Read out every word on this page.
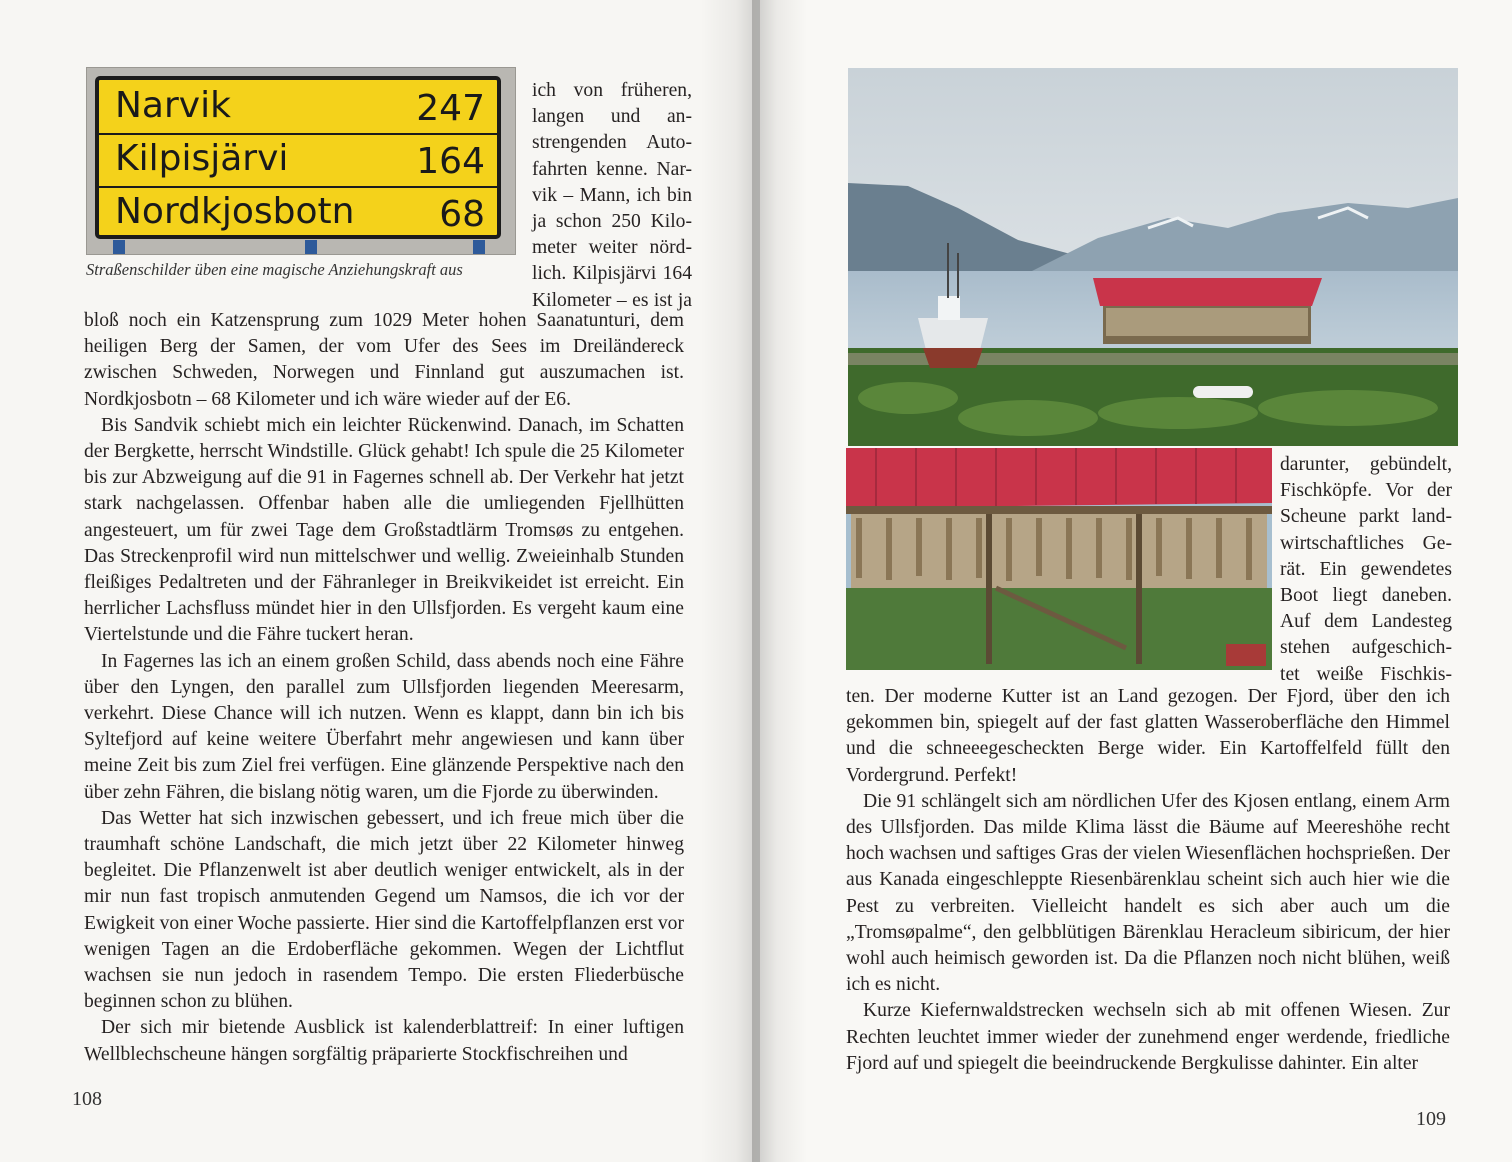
Narvik	247
Kilpisjärvi	164
Nordkjosbotn 68
Straßenschilder üben eine magische Anziehungskraft aus
ich von früheren,
langen und an-
strengenden Auto-
fahrten kenne. Nar-
vik – Mann, ich bin
ja schon 250 Kilo-
meter weiter nörd-
lich. Kilpisjärvi 164
Kilometer – es ist ja

bloß noch ein Katzensprung zum 1029 Meter hohen Saanatunturi, dem heiligen Berg der Samen, der vom Ufer des Sees im Dreiländereck zwischen Schweden, Norwegen und Finnland gut auszumachen ist. Nordkjosbotn – 68 Kilometer und ich wäre wieder auf der E6.

Bis Sandvik schiebt mich ein leichter Rückenwind. Danach, im Schatten der Bergkette, herrscht Windstille. Glück gehabt! Ich spule die 25 Kilometer bis zur Abzweigung auf die 91 in Fagernes schnell ab. Der Verkehr hat jetzt stark nachgelassen. Offenbar haben alle die umliegenden Fjellhütten angesteuert, um für zwei Tage dem Großstadtlärm Tromsøs zu entgehen. Das Streckenprofil wird nun mittelschwer und wellig. Zweieinhalb Stunden fleißiges Pedaltreten und der Fähranleger in Breikvikeidet ist erreicht. Ein herrlicher Lachsfluss mündet hier in den Ullsfjorden. Es vergeht kaum eine Viertelstunde und die Fähre tuckert heran.

In Fagernes las ich an einem großen Schild, dass abends noch eine Fähre über den Lyngen, den parallel zum Ullsfjorden liegenden Meeresarm, verkehrt. Diese Chance will ich nutzen. Wenn es klappt, dann bin ich bis Syltefjord auf keine weitere Überfahrt mehr angewiesen und kann über meine Zeit bis zum Ziel frei verfügen. Eine glänzende Perspektive nach den über zehn Fähren, die bislang nötig waren, um die Fjorde zu überwinden.

Das Wetter hat sich inzwischen gebessert, und ich freue mich über die traumhaft schöne Landschaft, die mich jetzt über 22 Kilometer hinweg begleitet. Die Pflanzenwelt ist aber deutlich weniger entwickelt, als in der mir nun fast tropisch anmutenden Gegend um Namsos, die ich vor der Ewigkeit von einer Woche passierte. Hier sind die Kartoffelpflanzen erst vor wenigen Tagen an die Erdoberfläche gekommen. Wegen der Lichtflut wachsen sie nun jedoch in rasendem Tempo. Die ersten Fliederbüsche beginnen schon zu blühen.

Der sich mir bietende Ausblick ist kalenderblattreif: In einer luftigen Wellblechscheune hängen sorgfältig präparierte Stockfischreihen und

108
darunter, gebündelt,
Fischköpfe. Vor der
Scheune parkt land-
wirtschaftliches Ge-
rät. Ein gewendetes
Boot liegt daneben.
Auf dem Landesteg
stehen aufgeschich-
tet weiße Fischkis-

ten. Der moderne Kutter ist an Land gezogen. Der Fjord, über den ich gekommen bin, spiegelt auf der fast glatten Wasseroberfläche den Himmel und die schneeegescheckten Berge wider. Ein Kartoffelfeld füllt den Vordergrund. Perfekt!

Die 91 schlängelt sich am nördlichen Ufer des Kjosen entlang, einem Arm des Ullsfjorden. Das milde Klima lässt die Bäume auf Meereshöhe recht hoch wachsen und saftiges Gras der vielen Wiesenflächen hochsprießen. Der aus Kanada eingeschleppte Riesenbärenklau scheint sich auch hier wie die Pest zu verbreiten. Vielleicht handelt es sich aber auch um die „Tromsøpalme“, den gelbblütigen Bärenklau Heracleum sibiricum, der hier wohl auch heimisch geworden ist. Da die Pflanzen noch nicht blühen, weiß ich es nicht.

Kurze Kiefernwaldstrecken wechseln sich ab mit offenen Wiesen. Zur Rechten leuchtet immer wieder der zunehmend enger werdende, friedliche Fjord auf und spiegelt die beeindruckende Bergkulisse dahinter. Ein alter

109
